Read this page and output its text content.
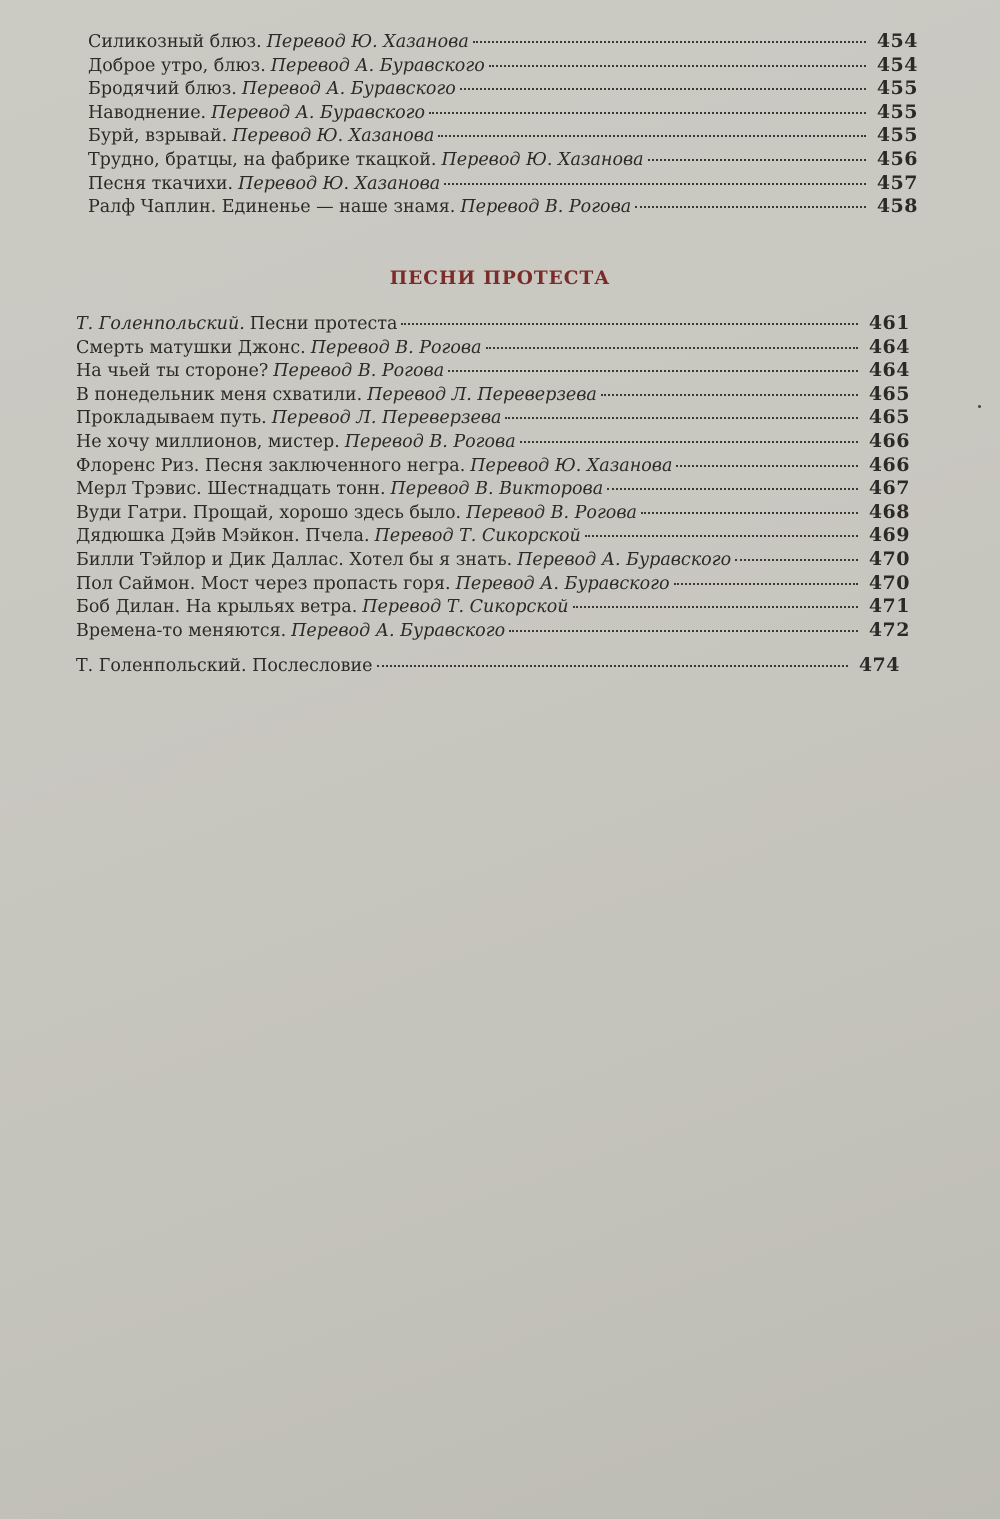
Силикозный блюз. Перевод Ю. Хазанова	454
Доброе утро, блюз. Перевод А. Буравского	454
Бродячий блюз. Перевод А. Буравского	455
Наводнение. Перевод А. Буравского	455
Бурй, взрывай. Перевод Ю. Хазанова	455
Трудно, братцы, на фабрике ткацкой. Перевод Ю. Хазанова	456
Песня ткачихи. Перевод Ю. Хазанова	457
Ралф Чаплин. Единенье — наше знамя. Перевод В. Рогова	458
ПЕСНИ ПРОТЕСТА
Т. Голенпольский. Песни протеста	461
Смерть матушки Джонс. Перевод В. Рогова	464
На чьей ты стороне? Перевод В. Рогова	464
В понедельник меня схватили. Перевод Л. Переверзева	465
Прокладываем путь. Перевод Л. Переверзева	465
Не хочу миллионов, мистер. Перевод В. Рогова	466
Флоренс Риз. Песня заключенного негра. Перевод Ю. Хазанова	466
Мерл Трэвис. Шестнадцать тонн. Перевод В. Викторова	467
Вуди Гатри. Прощай, хорошо здесь было. Перевод В. Рогова	468
Дядюшка Дэйв Мэйкон. Пчела. Перевод Т. Сикорской	469
Билли Тэйлор и Дик Даллас. Хотел бы я знать. Перевод А. Буравского	470
Пол Саймон. Мост через пропасть горя. Перевод А. Буравского	470
Боб Дилан. На крыльях ветра. Перевод Т. Сикорской	471
Времена-то меняются. Перевод А. Буравского	472
Т. Голенпольский. Послесловие	474
